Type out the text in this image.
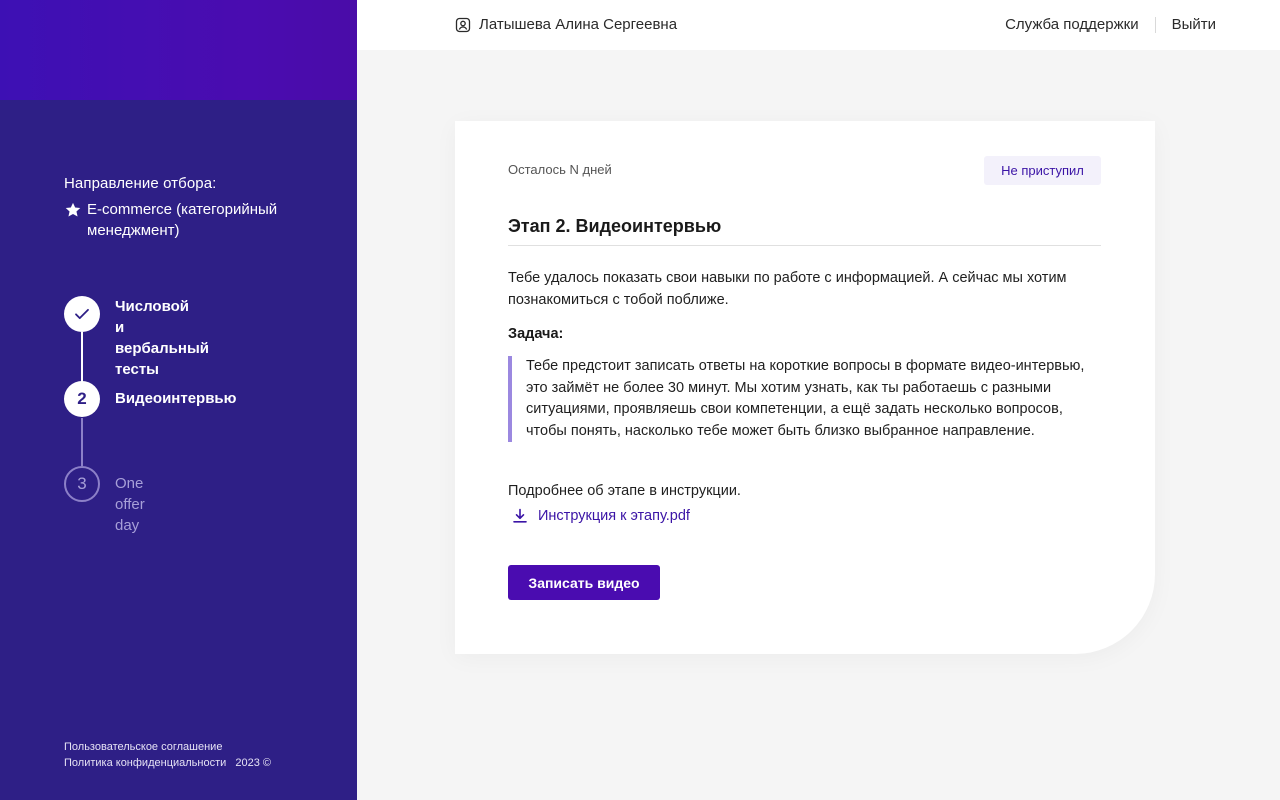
Направление отбора:
E-commerce (категорийный менеджмент)
Числовой
и вербальный тесты
2	Видеоинтервью
3	One offer day
Пользовательское соглашение
Политика конфиденциальности 2023 ©
Латышева Алина Сергеевна	Служба поддержки Выйти
Осталось N дней	Не приступил
Этап 2. Видеоинтервью

Тебе удалось показать свои навыки по работе с информацией. А сейчас мы хотим познакомиться с тобой поближе.

Задача:
Тебе предстоит записать ответы на короткие вопросы в формате видео-интервью, это займёт не более 30 минут. Мы хотим узнать, как ты работаешь с разными ситуациями, проявляешь свои компетенции, а ещё задать несколько вопросов, чтобы понять, насколько тебе может быть близко выбранное направление.
Подробнее об этапе в инструкции.
Инструкция к этапу.pdf
Записать видео
